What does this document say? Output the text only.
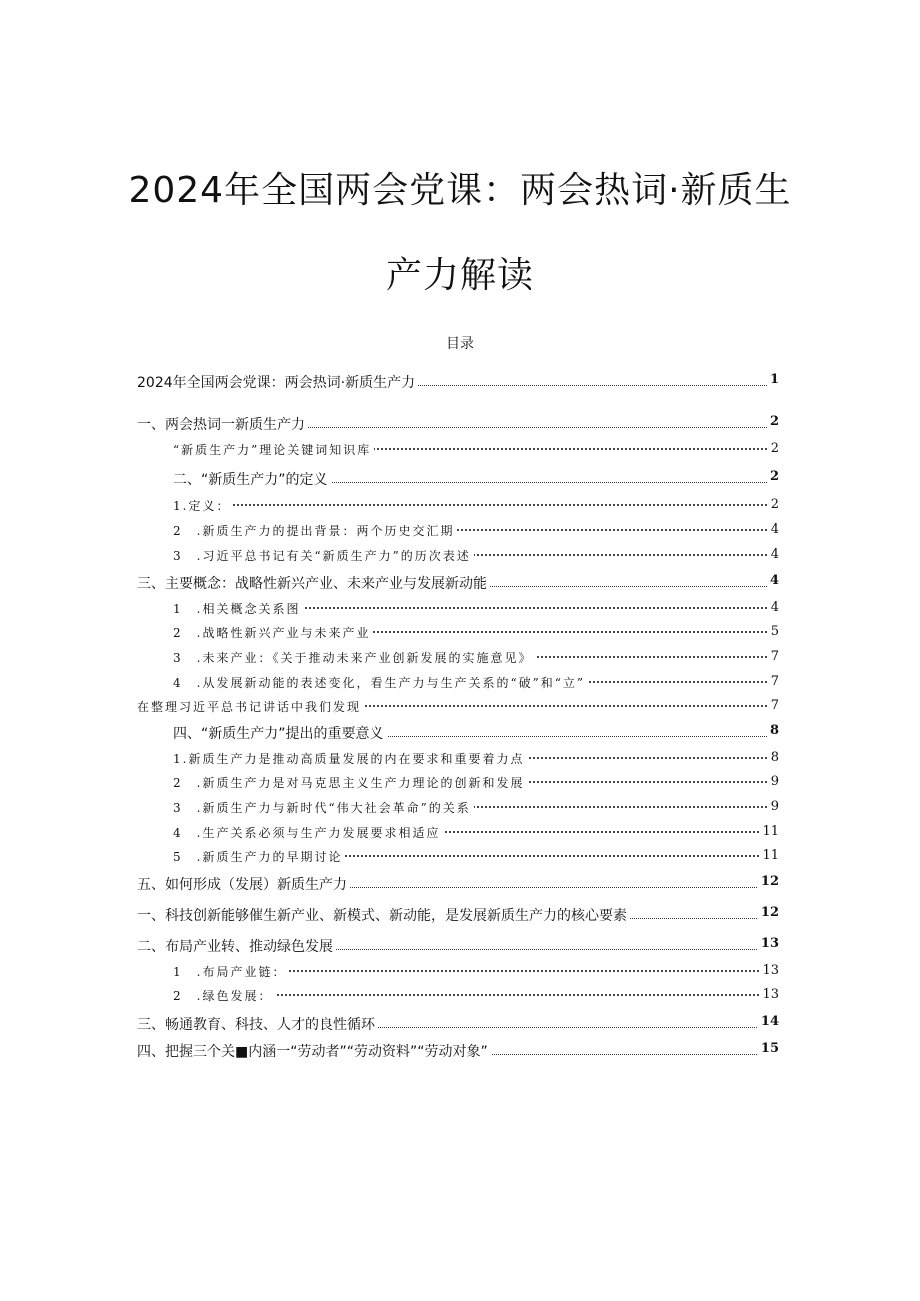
2024年全国两会党课：两会热词·新质生
产力解读
目录
2024年全国两会党课：两会热词·新质生产力	1
一、两会热词一新质生产力	2
“新质生产力”理论关键词知识库	2
二、“新质生产力”的定义	2
1.定义：	2
2　.新质生产力的提出背景：两个历史交汇期	4
3　.习近平总书记有关“新质生产力”的历次表述	4
三、主要概念：战略性新兴产业、未来产业与发展新动能	4
1　.相关概念关系图	4
2　.战略性新兴产业与未来产业	5
3　.未来产业：《关于推动未来产业创新发展的实施意见》	7
4　.从发展新动能的表述变化，看生产力与生产关系的“破”和“立”	7
在整理习近平总书记讲话中我们发现	7
四、“新质生产力”提出的重要意义	8
1.新质生产力是推动高质量发展的内在要求和重要着力点	8
2　.新质生产力是对马克思主义生产力理论的创新和发展	9
3　.新质生产力与新时代“伟大社会革命”的关系	9
4　.生产关系必须与生产力发展要求相适应	11
5　.新质生产力的早期讨论	11
五、如何形成（发展）新质生产力	12
一、科技创新能够催生新产业、新模式、新动能，是发展新质生产力的核心要素	12
二、布局产业转、推动绿色发展	13
1　.布局产业链：	13
2　.绿色发展：	13
三、畅通教育、科技、人才的良性循环	14
四、把握三个关■内涵一“劳动者”“劳动资料”“劳动对象”	15
